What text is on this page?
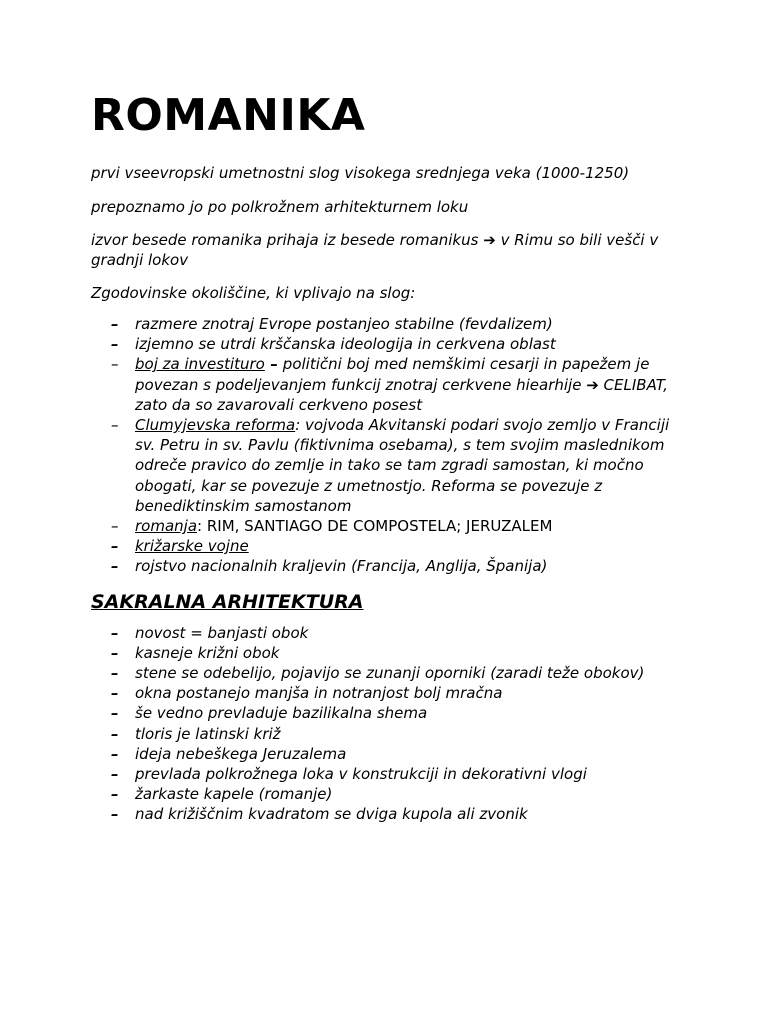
ROMANIKA

prvi vseevropski umetnostni slog visokega srednjega veka (1000-1250)

prepoznamo jo po polkrožnem arhitekturnem loku

izvor besede romanika prihaja iz besede romanikus ➔ v Rimu so bili vešči v gradnji lokov

Zgodovinske okoliščine, ki vplivajo na slog:

– razmere znotraj Evrope postanjeo stabilne (fevdalizem)
– izjemno se utrdi krščanska ideologija in cerkvena oblast
– boj za investituro – politični boj med nemškimi cesarji in papežem je povezan s podeljevanjem funkcij znotraj cerkvene hiearhije ➔ CELIBAT, zato da so zavarovali cerkveno posest
– Clumyjevska reforma: vojvoda Akvitanski podari svojo zemljo v Franciji sv. Petru in sv. Pavlu (fiktivnima osebama), s tem svojim maslednikom odreče pravico do zemlje in tako se tam zgradi samostan, ki močno obogati, kar se povezuje z umetnostjo. Reforma se povezuje z benediktinskim samostanom
– romanja: RIM, SANTIAGO DE COMPOSTELA; JERUZALEM
– križarske vojne
– rojstvo nacionalnih kraljevin (Francija, Anglija, Španija)
SAKRALNA ARHITEKTURA
– novost = banjasti obok
– kasneje križni obok
– stene se odebelijo, pojavijo se zunanji oporniki (zaradi teže obokov)
– okna postanejo manjša in notranjost bolj mračna
– še vedno prevladuje bazilikalna shema
– tloris je latinski križ
– ideja nebeškega Jeruzalema
– prevlada polkrožnega loka v konstrukciji in dekorativni vlogi
– žarkaste kapele (romanje)
– nad križiščnim kvadratom se dviga kupola ali zvonik
